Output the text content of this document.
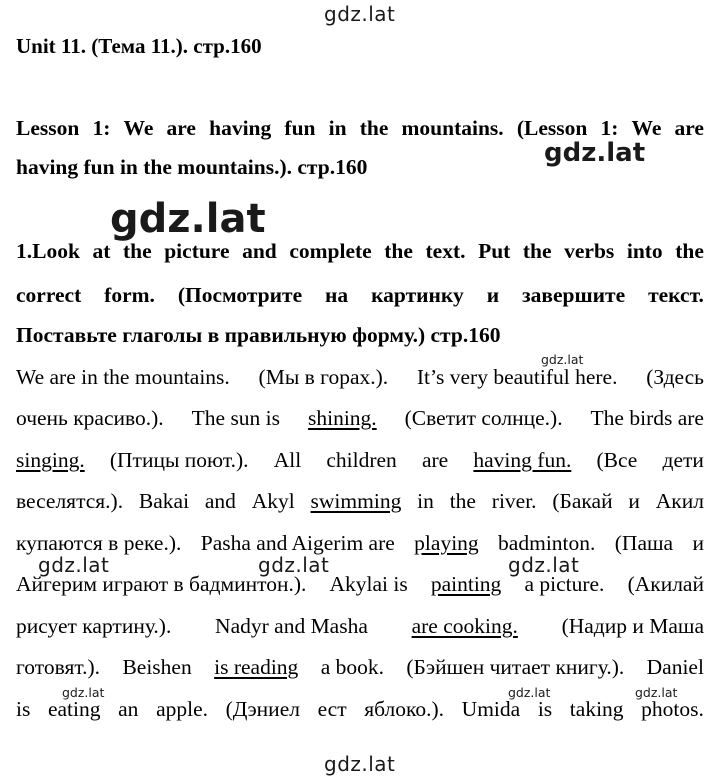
gdz.lat
gdz.lat
Unit 11. (Тема 11.). стр.160
Lesson 1: We are having fun in the mountains. (Lesson 1: We are
having fun in the mountains.). стр.160
1.Look at the picture and complete the text. Put the verbs into the
correct form. (Посмотрите на картинку и завершите текст.
Поставьте глаголы в правильную форму.) стр.160
We are in the mountains. (Мы в горах.). It’s very beautiful here. (Здесь
очень красиво.). The sun is shining. (Светит солнце.). The birds are
singing. (Птицы поют.). All children are having fun. (Все дети
веселятся.). Bakai and Akyl swimming in the river. (Бакай и Акил
купаются в реке.). Pasha and Aigerim are playing badminton. (Паша и
Айгерим играют в бадминтон.). Akylai is painting a picture. (Акилай
рисует картину.). Nadyr and Masha are cooking. (Надир и Маша
готовят.). Beishen is reading a book. (Бэйшен читает книгу.). Daniel
is eating an apple. (Дэниел ест яблоко.). Umida is taking photos.
gdz.lat
gdz.lat
gdz.lat
gdz.lat	gdz.lat	gdz.lat
gdz.lat	gdz.lat	gdz.lat
